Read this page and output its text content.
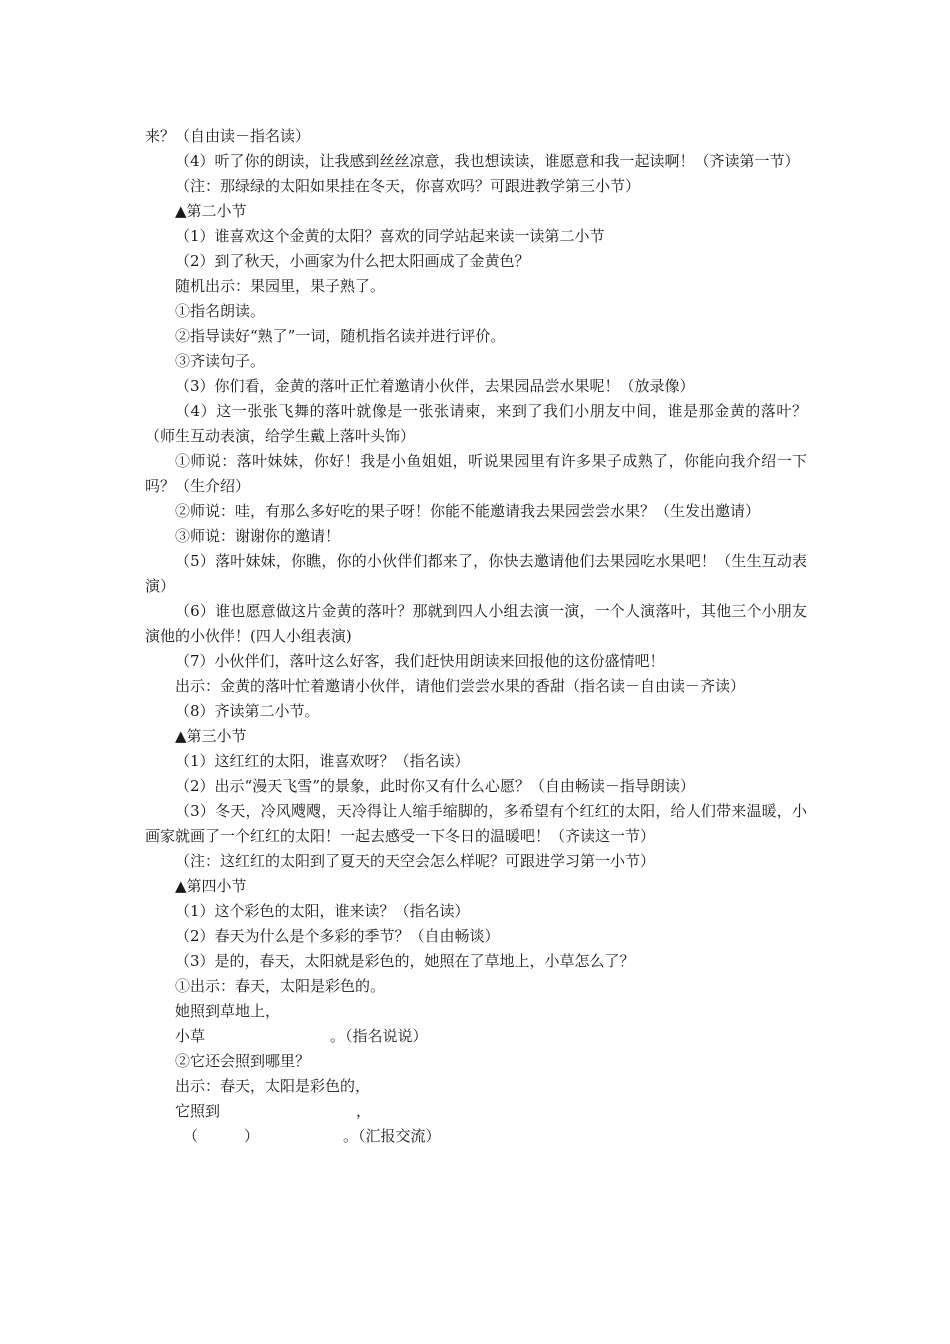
来？（自由读－指名读）

（4）听了你的朗读，让我感到丝丝凉意，我也想读读，谁愿意和我一起读啊！（齐读第一节）

（注：那绿绿的太阳如果挂在冬天，你喜欢吗？可跟进教学第三小节）

▲第二小节

（1）谁喜欢这个金黄的太阳？喜欢的同学站起来读一读第二小节

（2）到了秋天，小画家为什么把太阳画成了金黄色？

随机出示：果园里，果子熟了。

①指名朗读。

②指导读好“熟了”一词，随机指名读并进行评价。

③齐读句子。

（3）你们看，金黄的落叶正忙着邀请小伙伴，去果园品尝水果呢！（放录像）

（4）这一张张飞舞的落叶就像是一张张请柬，来到了我们小朋友中间，谁是那金黄的落叶？（师生互动表演，给学生戴上落叶头饰）

①师说：落叶妹妹，你好！我是小鱼姐姐，听说果园里有许多果子成熟了，你能向我介绍一下吗？（生介绍）

②师说：哇，有那么多好吃的果子呀！你能不能邀请我去果园尝尝水果？（生发出邀请）

③师说：谢谢你的邀请！

（5）落叶妹妹，你瞧，你的小伙伴们都来了，你快去邀请他们去果园吃水果吧！（生生互动表演）

（6）谁也愿意做这片金黄的落叶？那就到四人小组去演一演，一个人演落叶，其他三个小朋友演他的小伙伴！(四人小组表演)

（7）小伙伴们，落叶这么好客，我们赶快用朗读来回报他的这份盛情吧！

出示：金黄的落叶忙着邀请小伙伴，请他们尝尝水果的香甜（指名读－自由读－齐读）

（8）齐读第二小节。

▲第三小节

（1）这红红的太阳，谁喜欢呀？（指名读）

（2）出示“漫天飞雪”的景象，此时你又有什么心愿？（自由畅读－指导朗读）

（3）冬天，冷风飕飕，天冷得让人缩手缩脚的，多希望有个红红的太阳，给人们带来温暖，小画家就画了一个红红的太阳！一起去感受一下冬日的温暖吧！（齐读这一节）

（注：这红红的太阳到了夏天的天空会怎么样呢？可跟进学习第一小节）

▲第四小节

（1）这个彩色的太阳，谁来读？（指名读）

（2）春天为什么是个多彩的季节？（自由畅谈）

（3）是的，春天，太阳就是彩色的，她照在了草地上，小草怎么了？

①出示：春天，太阳是彩色的。

她照到草地上，

小草	。（指名说说）

②它还会照到哪里？

出示：春天，太阳是彩色的，

它照到	，

（	）	。（汇报交流）
